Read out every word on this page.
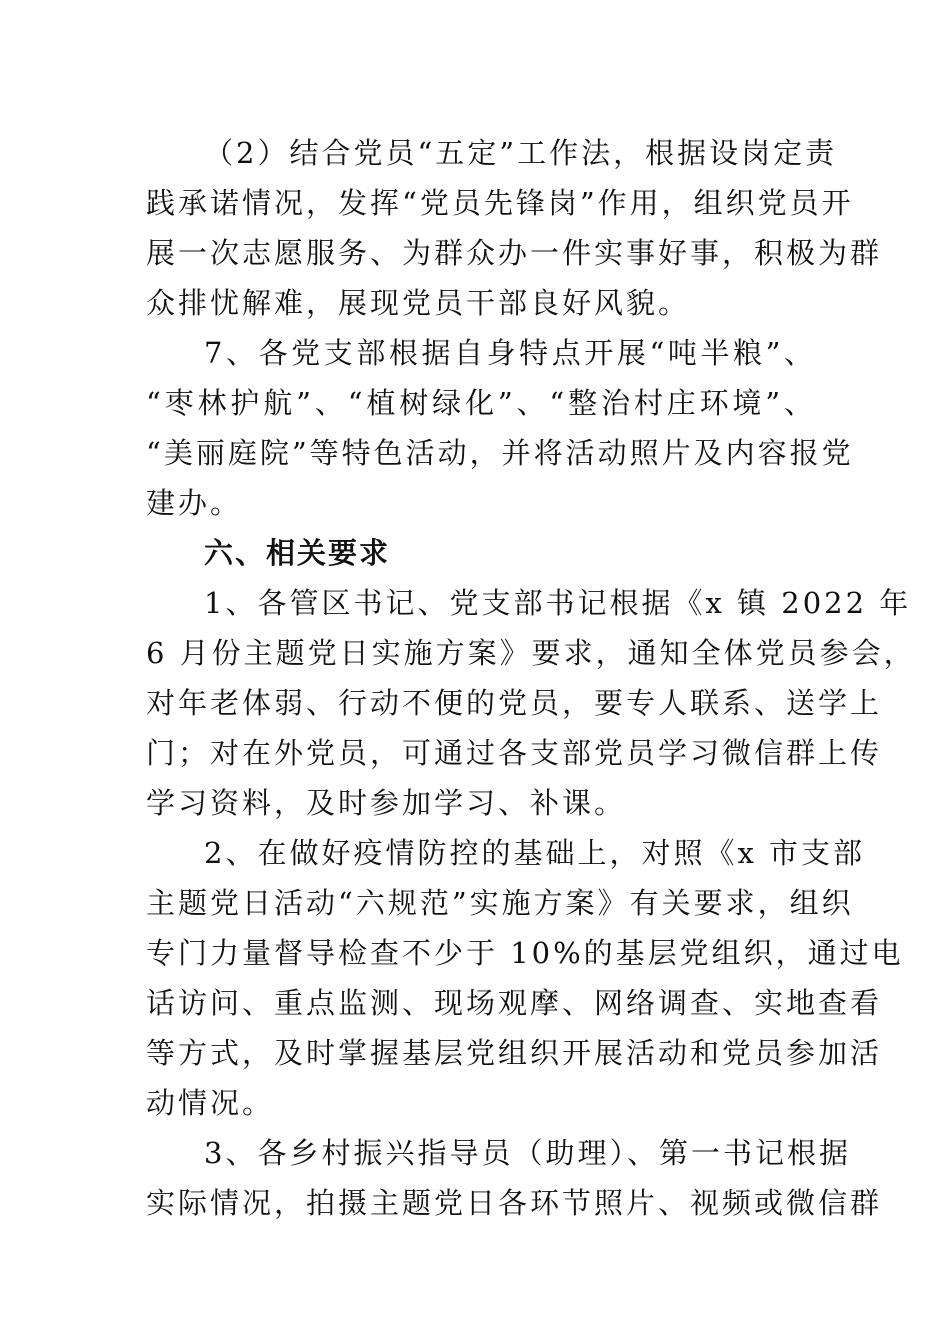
（2）结合党员“五定”工作法，根据设岗定责
践承诺情况，发挥“党员先锋岗”作用，组织党员开
展一次志愿服务、为群众办一件实事好事，积极为群
众排忧解难，展现党员干部良好风貌。
7、各党支部根据自身特点开展“吨半粮”、
“枣林护航”、“植树绿化”、“整治村庄环境”、
“美丽庭院”等特色活动，并将活动照片及内容报党
建办。
六、相关要求
1、各管区书记、党支部书记根据《x 镇 2022 年
6 月份主题党日实施方案》要求，通知全体党员参会，
对年老体弱、行动不便的党员，要专人联系、送学上
门；对在外党员，可通过各支部党员学习微信群上传
学习资料，及时参加学习、补课。
2、在做好疫情防控的基础上，对照《x 市支部
主题党日活动“六规范”实施方案》有关要求，组织
专门力量督导检查不少于 10%的基层党组织，通过电
话访问、重点监测、现场观摩、网络调查、实地查看
等方式，及时掌握基层党组织开展活动和党员参加活
动情况。
3、各乡村振兴指导员（助理）、第一书记根据
实际情况，拍摄主题党日各环节照片、视频或微信群
